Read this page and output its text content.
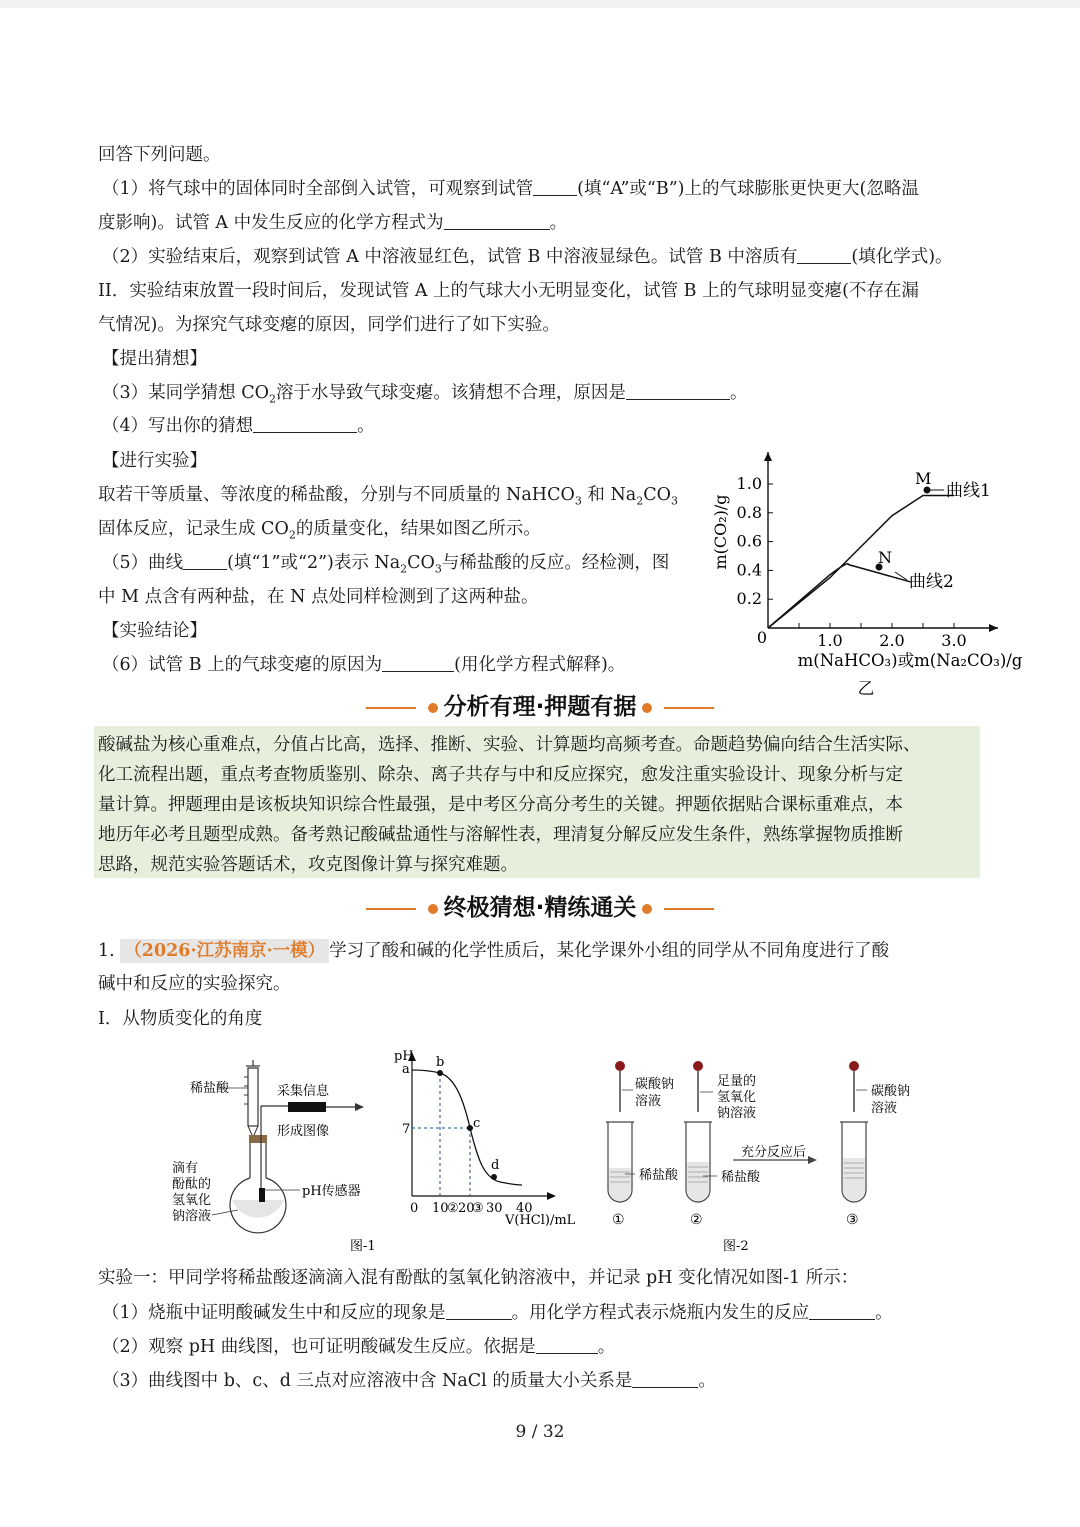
回答下列问题。
（1）将气球中的固体同时全部倒入试管，可观察到试管	(填“A”或“B”)上的气球膨胀更快更大(忽略温
度影响)。试管 A 中发生反应的化学方程式为	。
（2）实验结束后，观察到试管 A 中溶液显红色，试管 B 中溶液显绿色。试管 B 中溶质有	(填化学式)。
II．实验结束放置一段时间后，发现试管 A 上的气球大小无明显变化，试管 B 上的气球明显变瘪(不存在漏
气情况)。为探究气球变瘪的原因，同学们进行了如下实验。
【提出猜想】
（3）某同学猜想 $CO_2$溶于水导致气球变瘪。该猜想不合理，原因是	。
（4）写出你的猜想	。
【进行实验】
取若干等质量、等浓度的稀盐酸，分别与不同质量的 NaHCO$_3$ 和 $Na_2CO_3$
固体反应，记录生成 $CO_2$的质量变化，结果如图乙所示。
（5）曲线	(填“1”或“2”)表示 $Na_2CO_3$与稀盐酸的反应。经检测，图
中 M 点含有两种盐，在 N 点处同样检测到了这两种盐。
【实验结论】
（6）试管 B 上的气球变瘪的原因为	(用化学方程式解释)。
0.2
0.4
0.6
0.8
1.0
1.0 2.0 3.0
M
N
曲线1
曲线2
0
m(CO₂)/g
m(NaHCO₃)或m(Na₂CO₃)/g
乙
分析有理·押题有据
酸碱盐为核心重难点，分值占比高，选择、推断、实验、计算题均高频考查。命题趋势偏向结合生活实际、
化工流程出题，重点考查物质鉴别、除杂、离子共存与中和反应探究，愈发注重实验设计、现象分析与定
量计算。押题理由是该板块知识综合性最强，是中考区分高分考生的关键。押题依据贴合课标重难点，本
地历年必考且题型成熟。备考熟记酸碱盐通性与溶解性表，理清复分解反应发生条件，熟练掌握物质推断
思路，规范实验答题话术，攻克图像计算与探究难题。
终极猜想·精练通关
1. （2026·江苏南京·一模） 学习了酸和碱的化学性质后，某化学课外小组的同学从不同角度进行了酸
碱中和反应的实验探究。
I．从物质变化的角度
稀盐酸	采集信息
形成图像
滴有
酚酞的
氢氧化
钠溶液
pH传感器
pH
a b
c
d
7
0 10
② 20
③ 30 40
V(HCl)/mL
图-1
碳酸钠
溶液
稀盐酸
足量的
氢氧化
钠溶液
稀盐酸
充分反应后
碳酸钠
溶液
①	②	③
图-2
实验一：甲同学将稀盐酸逐滴滴入混有酚酞的氢氧化钠溶液中，并记录 pH 变化情况如图-1 所示：
（1）烧瓶中证明酸碱发生中和反应的现象是	。用化学方程式表示烧瓶内发生的反应	。
（2）观察 pH 曲线图，也可证明酸碱发生反应。依据是	。
（3）曲线图中 b、c、d 三点对应溶液中含 NaCl 的质量大小关系是	。
9 / 32
